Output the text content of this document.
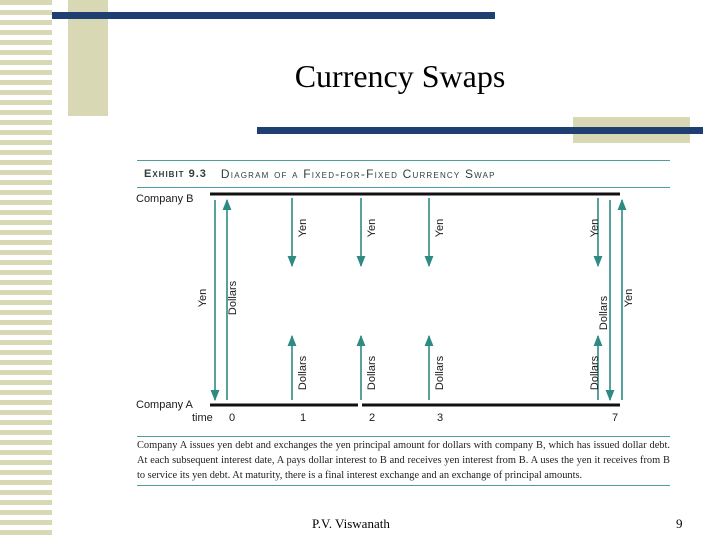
Currency Swaps
Exhibit 9.3 Diagram of a Fixed-for-Fixed Currency Swap
Company B
Company A
time 0	1	2	3	7
Yen Dollars
Yen
Dollars
Yen
Dollars
Yen
Dollars
Yen
Dollars
Dollars Yen
Company A issues yen debt and exchanges the yen principal amount for dollars with company B, which has issued dollar debt. At each subsequent interest date, A pays dollar interest to B and receives yen interest from B. A uses the yen it receives from B to service its yen debt. At maturity, there is a final interest exchange and an exchange of principal amounts.
P.V. Viswanath	9
